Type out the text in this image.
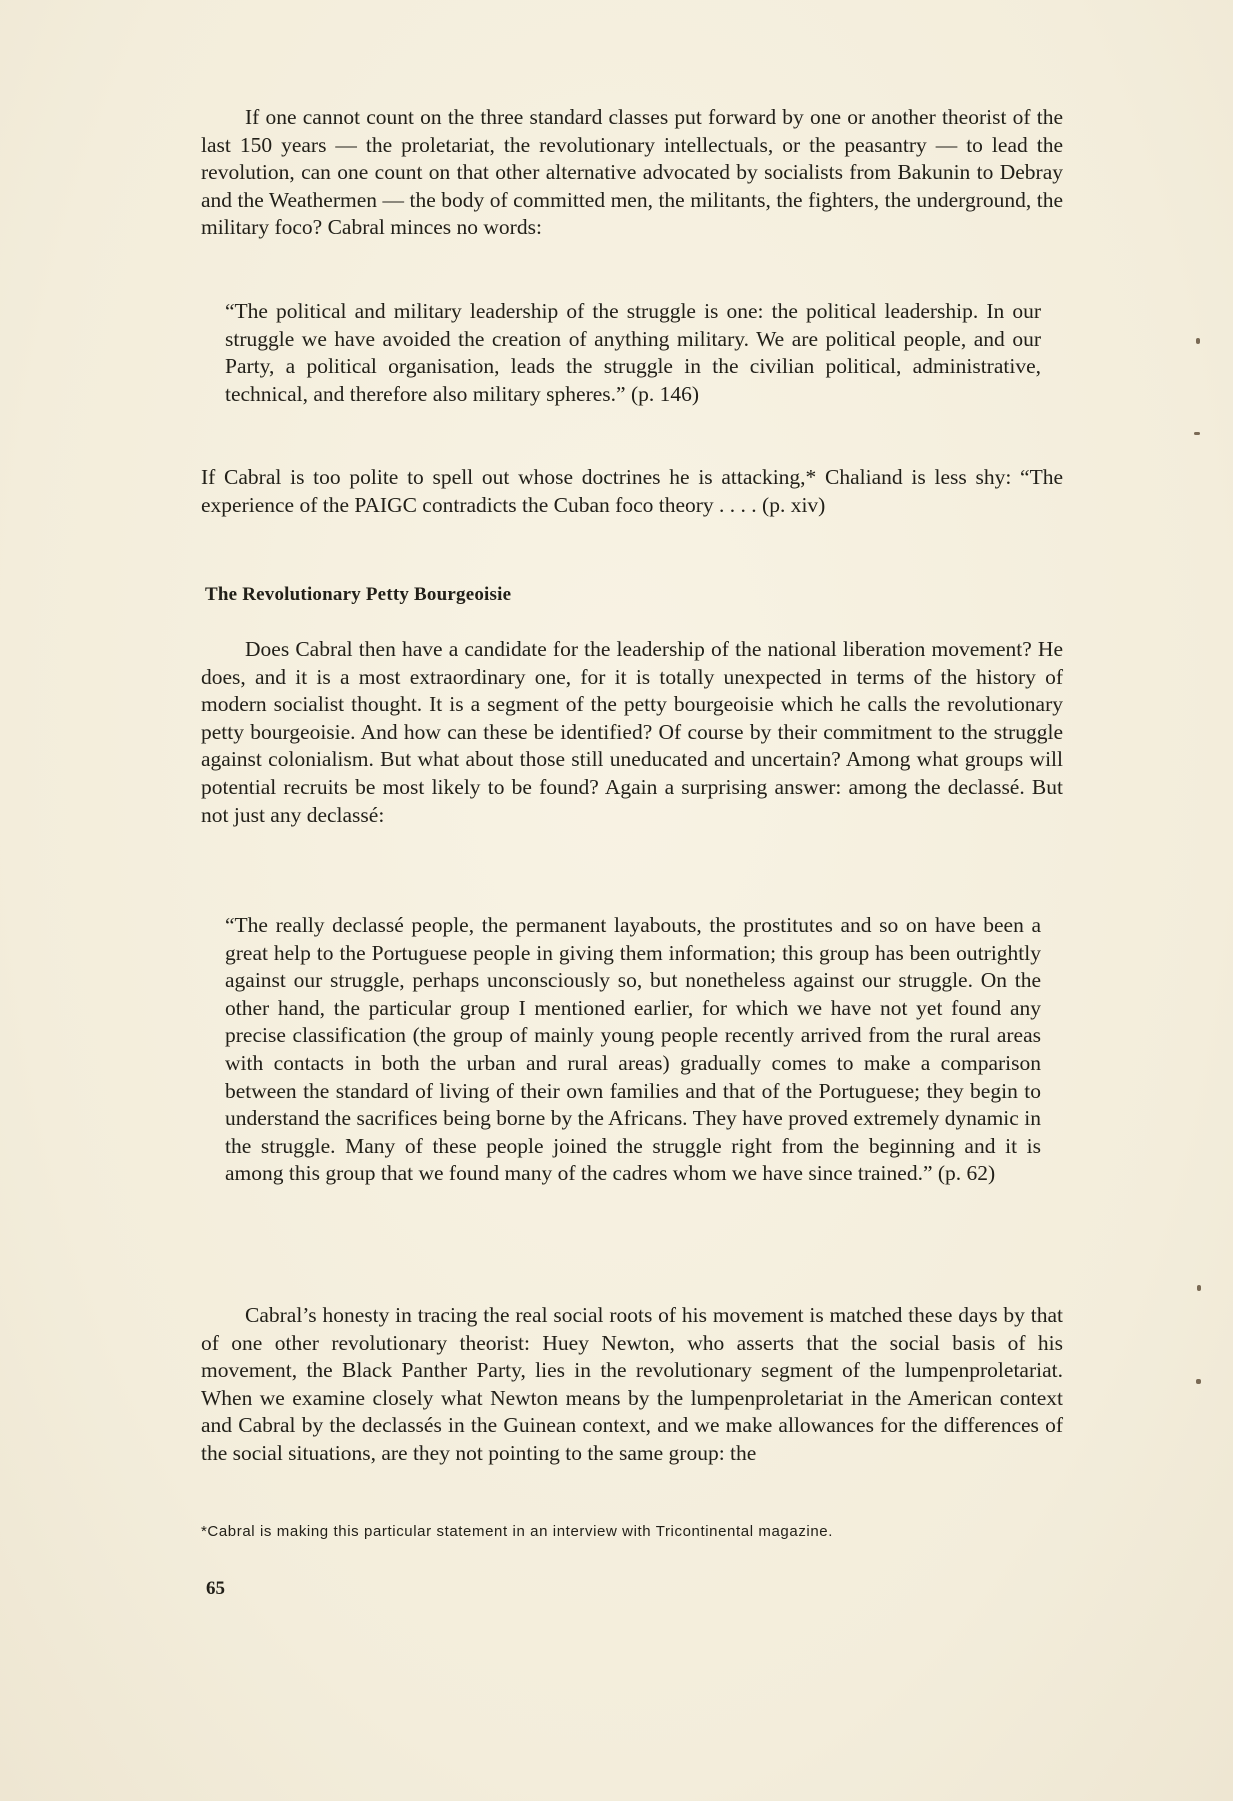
If one cannot count on the three standard classes put forward by one or another theorist of the last 150 years — the proletariat, the revolutionary intellectuals, or the peasantry — to lead the revolution, can one count on that other alternative advocated by socialists from Bakunin to Debray and the Weathermen — the body of committed men, the militants, the fighters, the underground, the military foco? Cabral minces no words:

“The political and military leadership of the struggle is one: the political leadership. In our struggle we have avoided the creation of anything military. We are political people, and our Party, a political organisation, leads the struggle in the civilian political, administrative, technical, and therefore also military spheres.” (p. 146)

If Cabral is too polite to spell out whose doctrines he is attacking,* Chaliand is less shy: “The experience of the PAIGC contradicts the Cuban foco theory . . . . (p. xiv)

The Revolutionary Petty Bourgeoisie

Does Cabral then have a candidate for the leadership of the national liberation movement? He does, and it is a most extraordinary one, for it is totally unexpected in terms of the history of modern socialist thought. It is a segment of the petty bourgeoisie which he calls the revolutionary petty bourgeoisie. And how can these be identified? Of course by their commitment to the struggle against colonialism. But what about those still uneducated and uncertain? Among what groups will potential recruits be most likely to be found? Again a surprising answer: among the declassé. But not just any declassé:

“The really declassé people, the permanent layabouts, the prostitutes and so on have been a great help to the Portuguese people in giving them information; this group has been outrightly against our struggle, perhaps unconsciously so, but nonetheless against our struggle. On the other hand, the particular group I mentioned earlier, for which we have not yet found any precise classification (the group of mainly young people recently arrived from the rural areas with contacts in both the urban and rural areas) gradually comes to make a comparison between the standard of living of their own families and that of the Portuguese; they begin to understand the sacrifices being borne by the Africans. They have proved extremely dynamic in the struggle. Many of these people joined the struggle right from the beginning and it is among this group that we found many of the cadres whom we have since trained.” (p. 62)

Cabral’s honesty in tracing the real social roots of his movement is matched these days by that of one other revolutionary theorist: Huey Newton, who asserts that the social basis of his movement, the Black Panther Party, lies in the revolutionary segment of the lumpenproletariat. When we examine closely what Newton means by the lumpenproletariat in the American context and Cabral by the declassés in the Guinean context, and we make allowances for the differences of the social situations, are they not pointing to the same group: the

*Cabral is making this particular statement in an interview with Tricontinental magazine.
65
